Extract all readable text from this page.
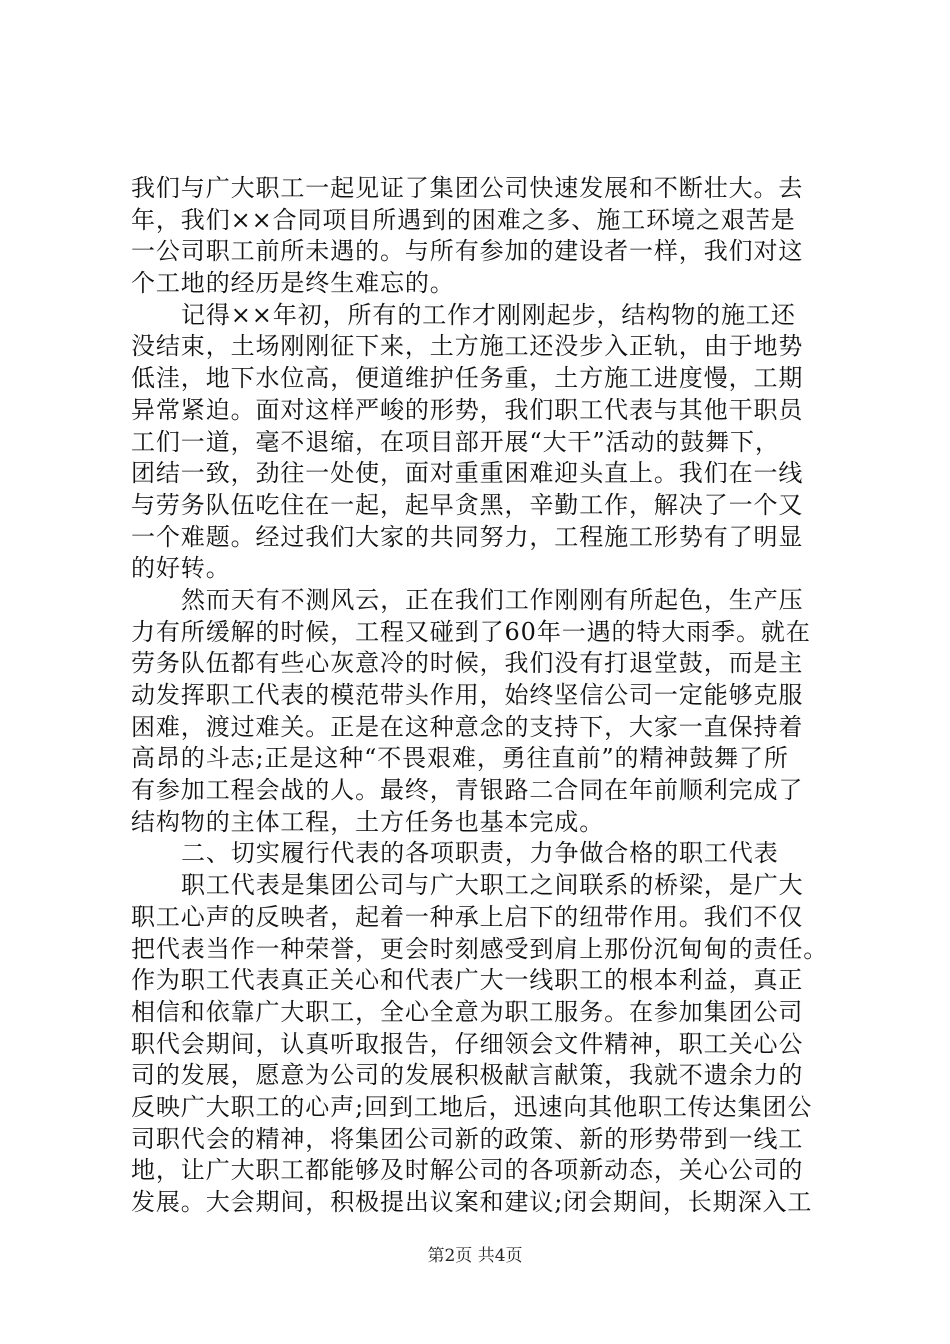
我们与广大职工一起见证了集团公司快速发展和不断壮大。去
年，我们××合同项目所遇到的困难之多、施工环境之艰苦是
一公司职工前所未遇的。与所有参加的建设者一样，我们对这
个工地的经历是终生难忘的。
记得××年初，所有的工作才刚刚起步，结构物的施工还
没结束，土场刚刚征下来，土方施工还没步入正轨，由于地势
低洼，地下水位高，便道维护任务重，土方施工进度慢，工期
异常紧迫。面对这样严峻的形势，我们职工代表与其他干职员
工们一道，毫不退缩，在项目部开展“大干”活动的鼓舞下，
团结一致，劲往一处使，面对重重困难迎头直上。我们在一线
与劳务队伍吃住在一起，起早贪黑，辛勤工作，解决了一个又
一个难题。经过我们大家的共同努力，工程施工形势有了明显
的好转。
然而天有不测风云，正在我们工作刚刚有所起色，生产压
力有所缓解的时候，工程又碰到了60年一遇的特大雨季。就在
劳务队伍都有些心灰意冷的时候，我们没有打退堂鼓，而是主
动发挥职工代表的模范带头作用，始终坚信公司一定能够克服
困难，渡过难关。正是在这种意念的支持下，大家一直保持着
高昂的斗志;正是这种“不畏艰难，勇往直前”的精神鼓舞了所
有参加工程会战的人。最终，青银路二合同在年前顺利完成了
结构物的主体工程，土方任务也基本完成。
二、切实履行代表的各项职责，力争做合格的职工代表
职工代表是集团公司与广大职工之间联系的桥梁，是广大
职工心声的反映者，起着一种承上启下的纽带作用。我们不仅
把代表当作一种荣誉，更会时刻感受到肩上那份沉甸甸的责任。
作为职工代表真正关心和代表广大一线职工的根本利益，真正
相信和依靠广大职工，全心全意为职工服务。在参加集团公司
职代会期间，认真听取报告，仔细领会文件精神，职工关心公
司的发展，愿意为公司的发展积极献言献策，我就不遗余力的
反映广大职工的心声;回到工地后，迅速向其他职工传达集团公
司职代会的精神，将集团公司新的政策、新的形势带到一线工
地，让广大职工都能够及时解公司的各项新动态，关心公司的
发展。大会期间，积极提出议案和建议;闭会期间，长期深入工
第2页 共4页
